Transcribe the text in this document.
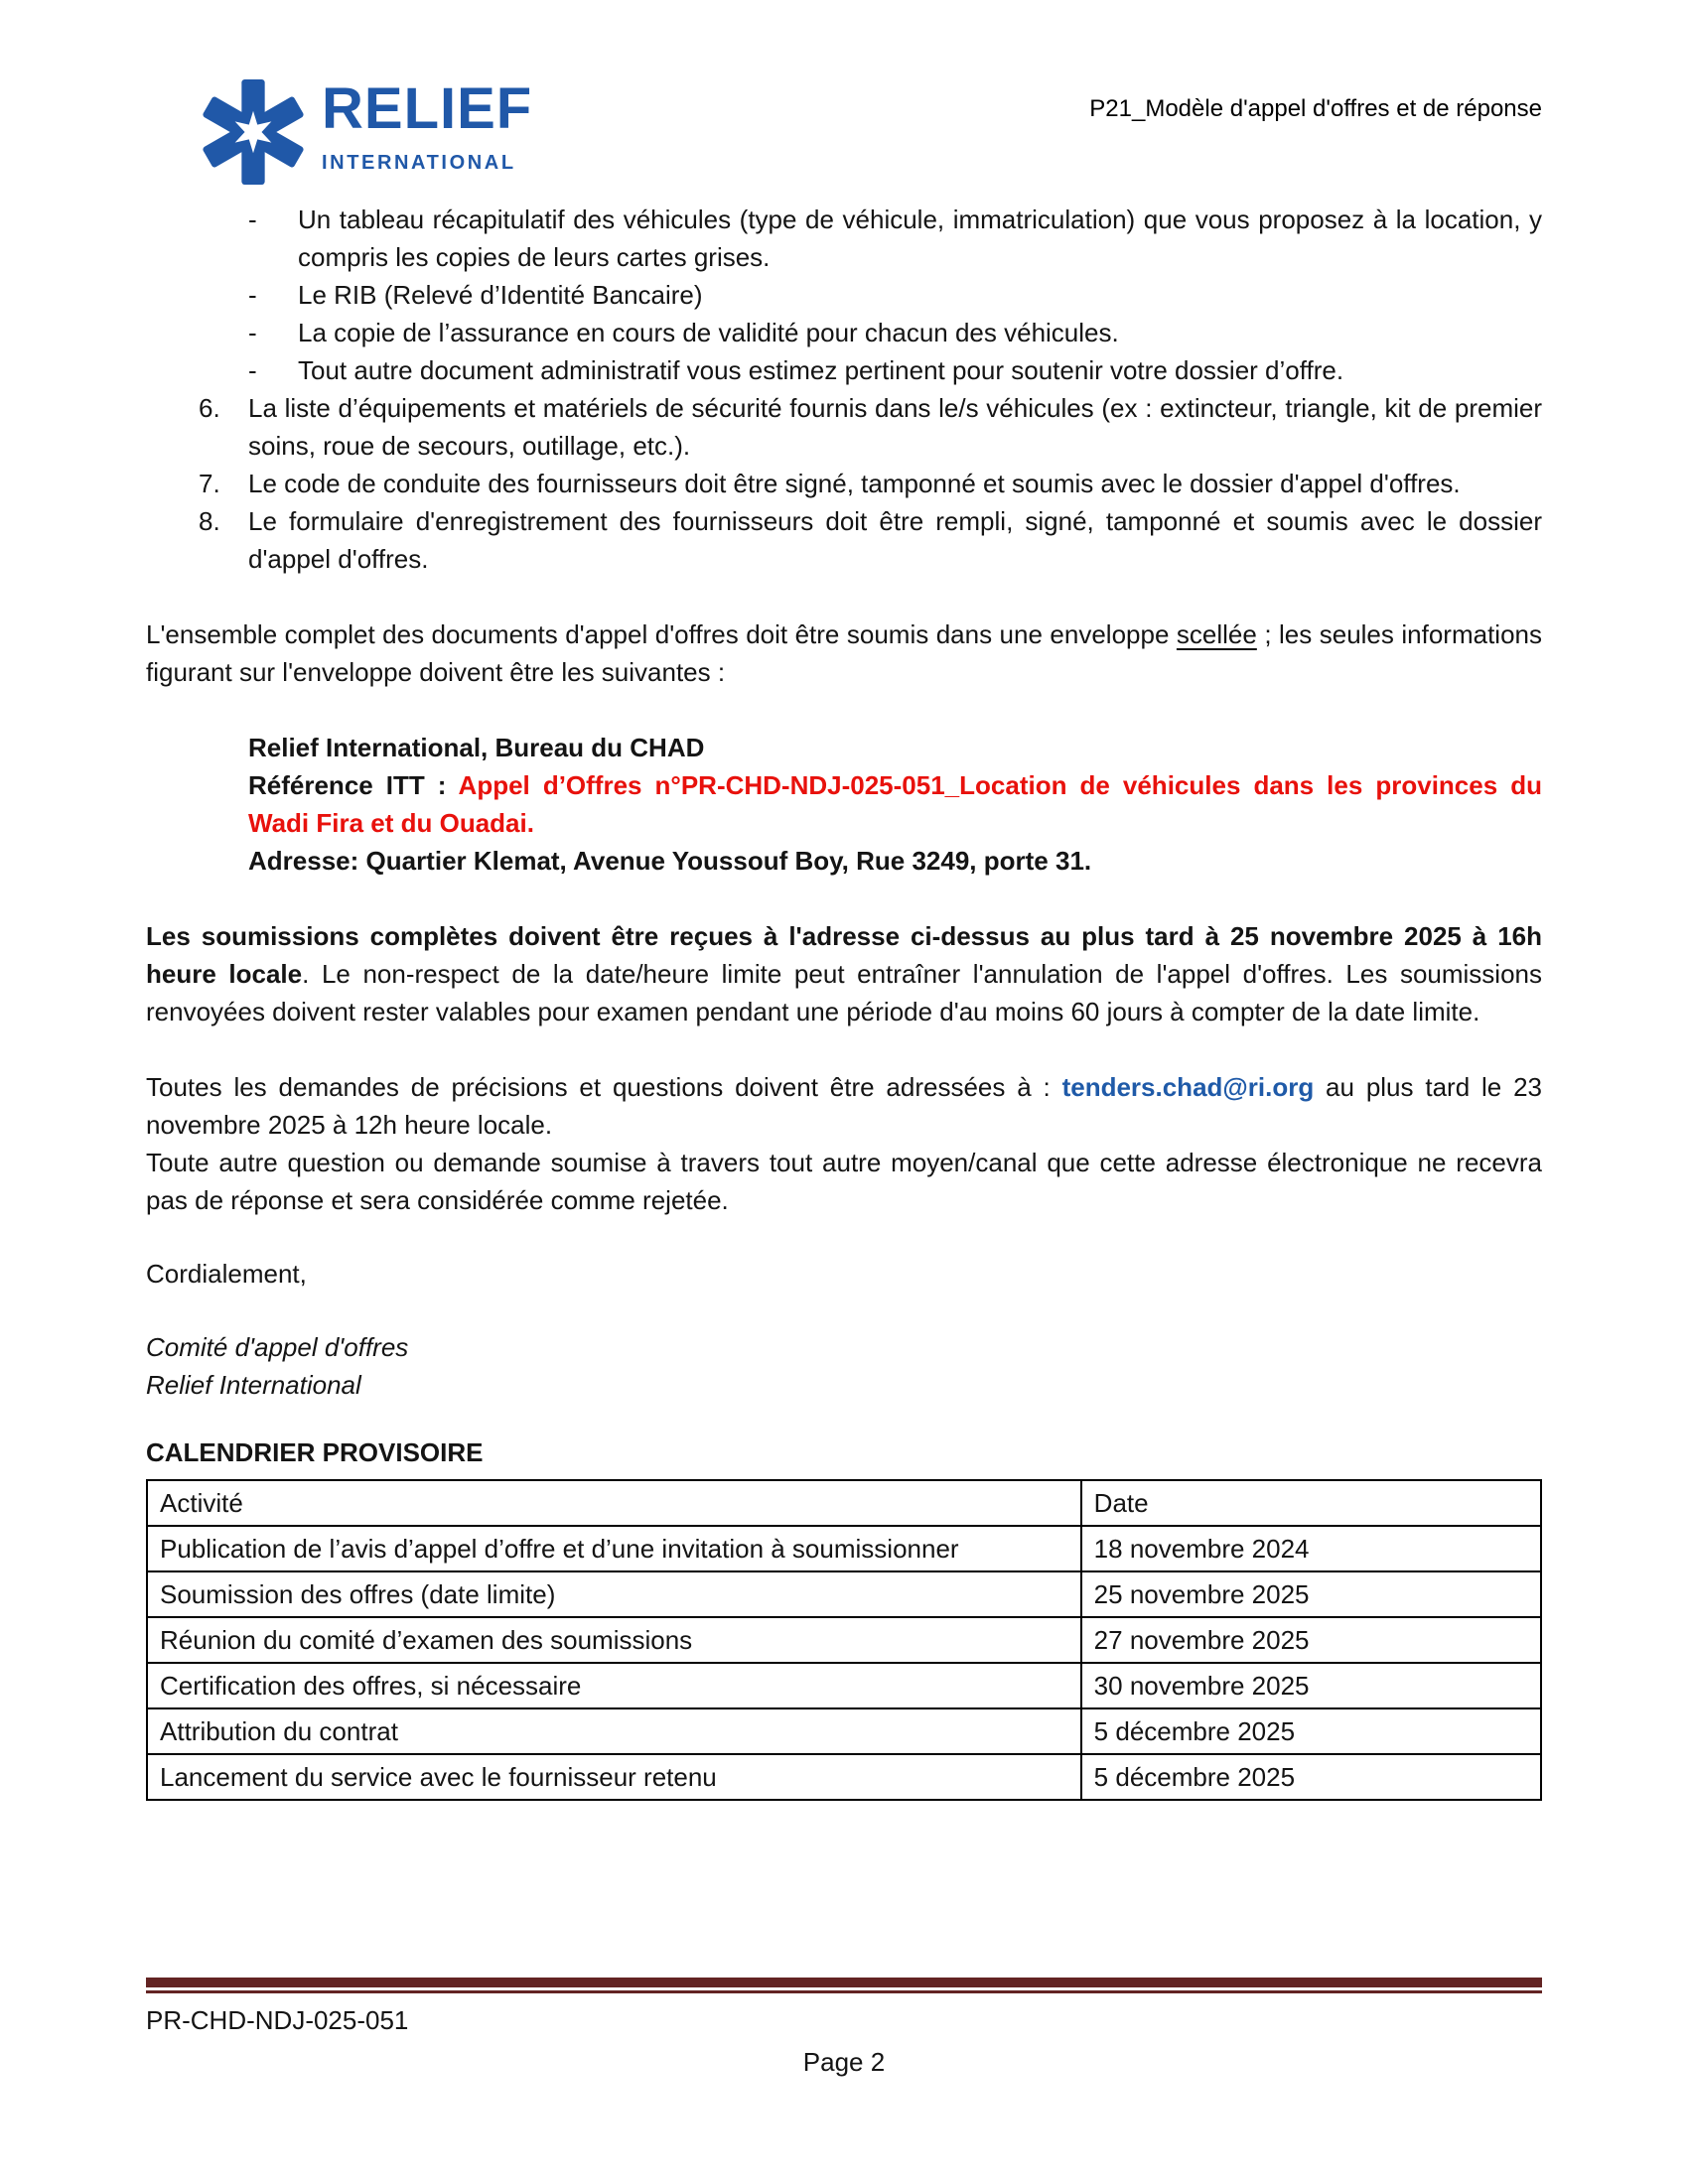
RELIEF
INTERNATIONAL
P21_Modèle d'appel d'offres et de réponse
-	Un tableau récapitulatif des véhicules (type de véhicule, immatriculation) que vous proposez à la location, y compris les copies de leurs cartes grises.
-	Le RIB (Relevé d’Identité Bancaire)
-	La copie de l’assurance en cours de validité pour chacun des véhicules.
-	Tout autre document administratif vous estimez pertinent pour soutenir votre dossier d’offre.
6.	La liste d’équipements et matériels de sécurité fournis dans le/s véhicules (ex : extincteur, triangle, kit de premier soins, roue de secours, outillage, etc.).
7.	Le code de conduite des fournisseurs doit être signé, tamponné et soumis avec le dossier d'appel d'offres.
8.	Le formulaire d'enregistrement des fournisseurs doit être rempli, signé, tamponné et soumis avec le dossier d'appel d'offres.

L'ensemble complet des documents d'appel d'offres doit être soumis dans une enveloppe scellée ; les seules informations figurant sur l'enveloppe doivent être les suivantes :

Relief International, Bureau du CHAD
Référence ITT : Appel d’Offres n°PR-CHD-NDJ-025-051_Location de véhicules dans les provinces du Wadi Fira et du Ouadai.
Adresse: Quartier Klemat, Avenue Youssouf Boy, Rue 3249, porte 31.

Les soumissions complètes doivent être reçues à l'adresse ci-dessus au plus tard à 25 novembre 2025 à 16h heure locale. Le non-respect de la date/heure limite peut entraîner l'annulation de l'appel d'offres. Les soumissions renvoyées doivent rester valables pour examen pendant une période d'au moins 60 jours à compter de la date limite.

Toutes les demandes de précisions et questions doivent être adressées à : tenders.chad@ri.org au plus tard le 23 novembre 2025 à 12h heure locale.

Toute autre question ou demande soumise à travers tout autre moyen/canal que cette adresse électronique ne recevra pas de réponse et sera considérée comme rejetée.

Cordialement,

Comité d'appel d'offres
Relief International
CALENDRIER PROVISOIRE
Activité	Date
Publication de l’avis d’appel d’offre et d’une invitation à soumissionner	18 novembre 2024
Soumission des offres (date limite)	25 novembre 2025
Réunion du comité d’examen des soumissions	27 novembre 2025
Certification des offres, si nécessaire	30 novembre 2025
Attribution du contrat	5 décembre 2025
Lancement du service avec le fournisseur retenu	5 décembre 2025
PR-CHD-NDJ-025-051
Page 2
